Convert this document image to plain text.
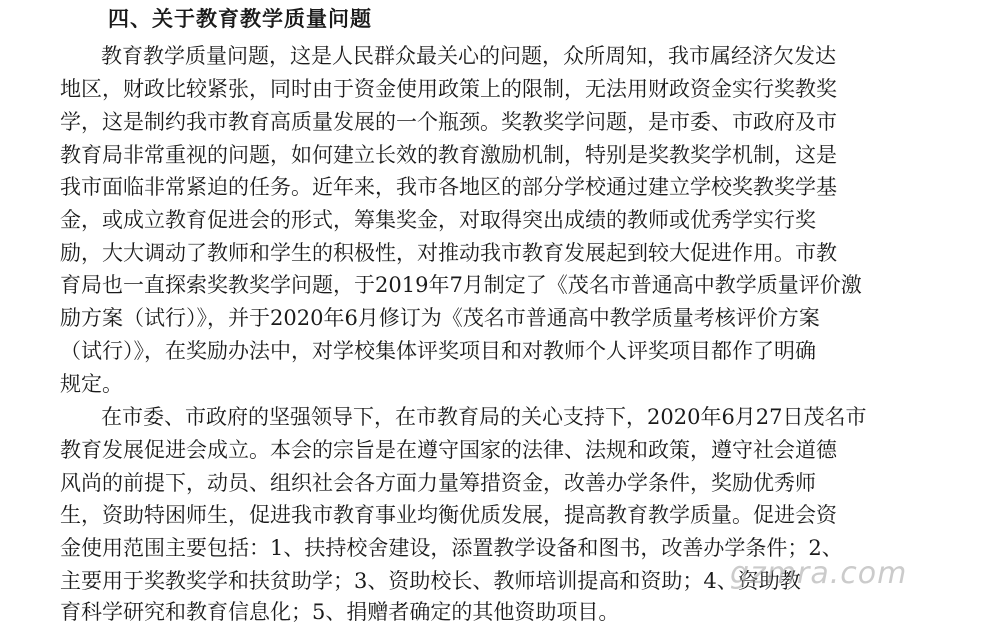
四、关于教育教学质量问题
教育教学质量问题，这是人民群众最关心的问题，众所周知，我市属经济欠发达
地区，财政比较紧张，同时由于资金使用政策上的限制，无法用财政资金实行奖教奖
学，这是制约我市教育高质量发展的一个瓶颈。奖教奖学问题，是市委、市政府及市
教育局非常重视的问题，如何建立长效的教育激励机制，特别是奖教奖学机制，这是
我市面临非常紧迫的任务。近年来，我市各地区的部分学校通过建立学校奖教奖学基
金，或成立教育促进会的形式，筹集奖金，对取得突出成绩的教师或优秀学实行奖
励，大大调动了教师和学生的积极性，对推动我市教育发展起到较大促进作用。市教
育局也一直探索奖教奖学问题，于2019年7月制定了《茂名市普通高中教学质量评价激
励方案（试行）》，并于2020年6月修订为《茂名市普通高中教学质量考核评价方案
（试行）》，在奖励办法中，对学校集体评奖项目和对教师个人评奖项目都作了明确
规定。
在市委、市政府的坚强领导下，在市教育局的关心支持下，2020年6月27日茂名市
教育发展促进会成立。本会的宗旨是在遵守国家的法律、法规和政策，遵守社会道德
风尚的前提下，动员、组织社会各方面力量筹措资金，改善办学条件，奖励优秀师
生，资助特困师生，促进我市教育事业均衡优质发展，提高教育教学质量。促进会资
金使用范围主要包括：1、扶持校舍建设，添置教学设备和图书，改善办学条件；2、
主要用于奖教奖学和扶贫助学；3、资助校长、教师培训提高和资助；4、资助教
育科学研究和教育信息化；5、捐赠者确定的其他资助项目。
gzmra.com
